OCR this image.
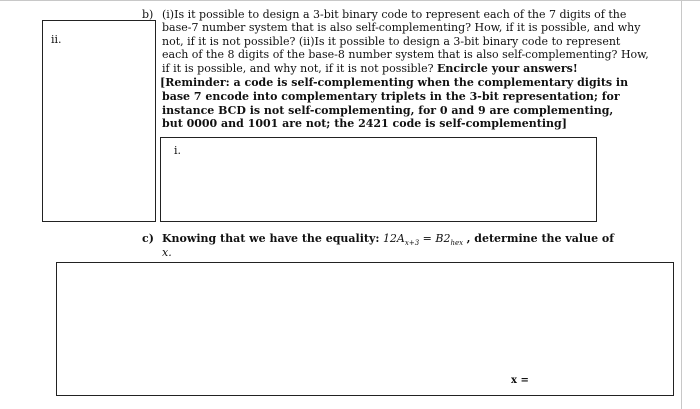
ii.
b) (i)Is it possible to design a 3-bit binary code to represent each of the 7 digits of the
base-7 number system that is also self-complementing? How, if it is possible, and why
not, if it is not possible? (ii)Is it possible to design a 3-bit binary code to represent
each of the 8 digits of the base-8 number system that is also self-complementing? How,
if it is possible, and why not, if it is not possible? Encircle your answers!
[Reminder: a code is self-complementing when the complementary digits in
base 7 encode into complementary triplets in the 3-bit representation; for
instance BCD is not self-complementing, for 0 and 9 are complementing,
but 0000 and 1001 are not; the 2421 code is self-complementing]
i.
c) Knowing that we have the equality: $12A_{x+3} = B2_{hex}$ , determine the value of
x.
x =
